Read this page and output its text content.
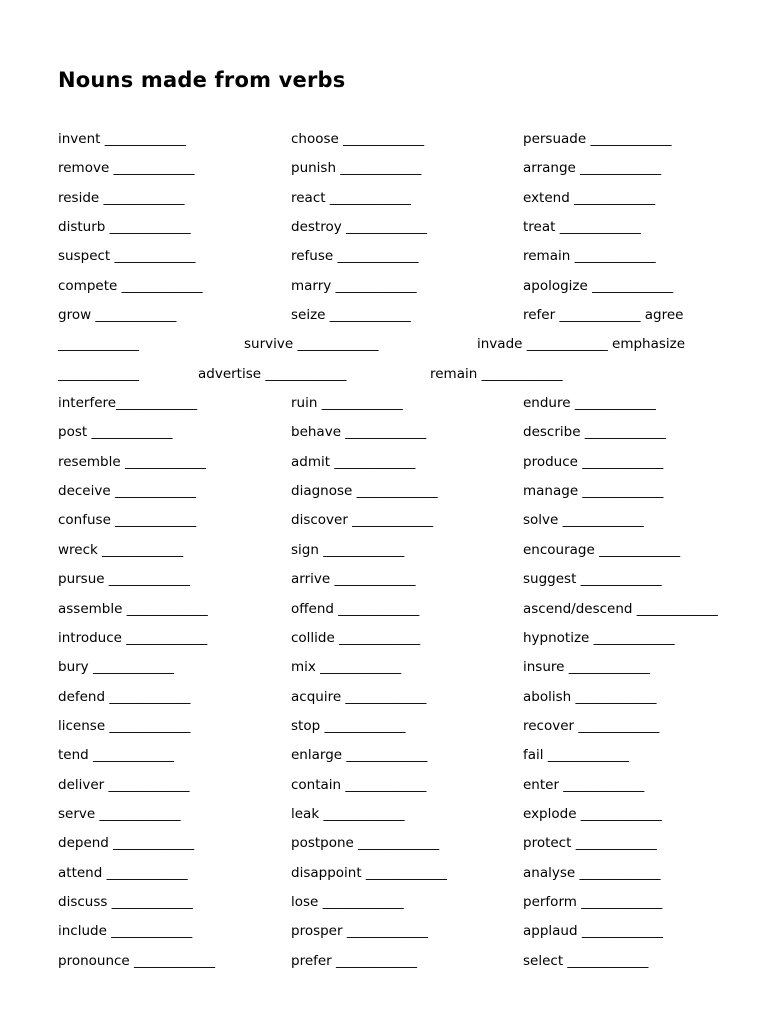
Nouns made from verbs
invent ____________	choose ____________	persuade ____________
remove ____________	punish ____________	arrange ____________
reside ____________	react ____________	extend ____________
disturb ____________	destroy ____________	treat ____________
suspect ____________	refuse ____________	remain ____________
compete ____________	marry ____________	apologize ____________
grow ____________	seize ____________	refer ____________ agree
____________	survive ____________	invade ____________ emphasize
____________	advertise ____________	remain ____________
interfere____________	ruin ____________	endure ____________
post ____________	behave ____________	describe ____________
resemble ____________	admit ____________	produce ____________
deceive ____________	diagnose ____________	manage ____________
confuse ____________	discover ____________	solve ____________
wreck ____________	sign ____________	encourage ____________
pursue ____________	arrive ____________	suggest ____________
assemble ____________	offend ____________	ascend/descend ____________
introduce ____________	collide ____________	hypnotize ____________
bury ____________	mix ____________	insure ____________
defend ____________	acquire ____________	abolish ____________
license ____________	stop ____________	recover ____________
tend ____________	enlarge ____________	fail ____________
deliver ____________	contain ____________	enter ____________
serve ____________	leak ____________	explode ____________
depend ____________	postpone ____________	protect ____________
attend ____________	disappoint ____________	analyse ____________
discuss ____________	lose ____________	perform ____________
include ____________	prosper ____________	applaud ____________
pronounce ____________	prefer ____________	select ____________
